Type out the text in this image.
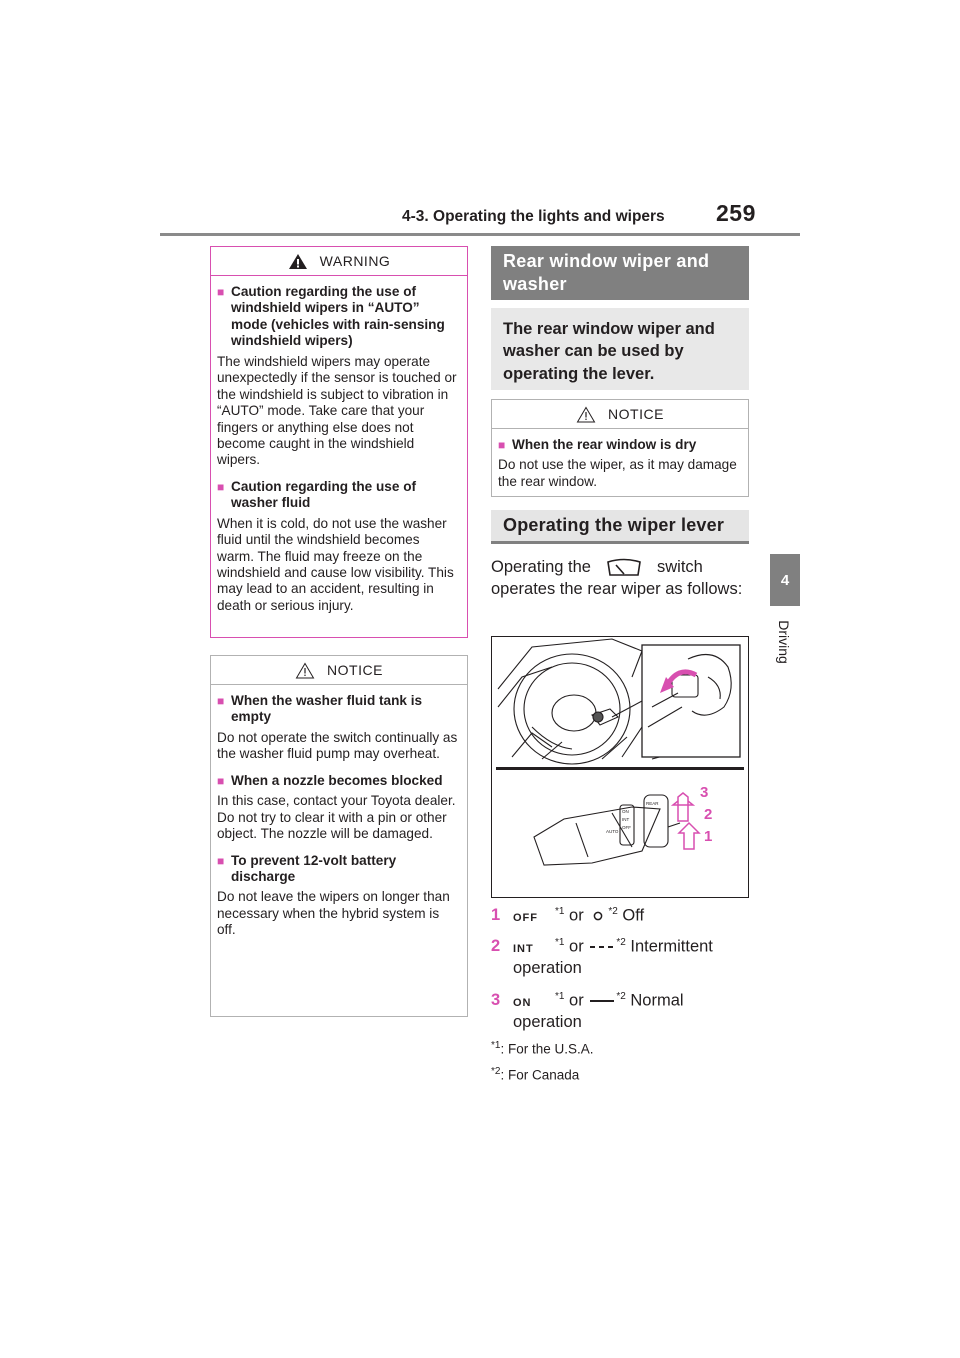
4-3. Operating the lights and wipers 259
4
Driving
WARNING
■ Caution regarding the use of windshield wipers in “AUTO” mode (vehicles with rain-sensing windshield wipers)
The windshield wipers may operate unexpectedly if the sensor is touched or the windshield is subject to vibration in “AUTO” mode. Take care that your fingers or anything else does not become caught in the windshield wipers.
■ Caution regarding the use of washer fluid
When it is cold, do not use the washer fluid until the windshield becomes warm. The fluid may freeze on the windshield and cause low visibility. This may lead to an accident, resulting in death or serious injury.
NOTICE
■ When the washer fluid tank is empty
Do not operate the switch continually as the washer fluid pump may overheat.
■ When a nozzle becomes blocked
In this case, contact your Toyota dealer.
Do not try to clear it with a pin or other object. The nozzle will be damaged.
■ To prevent 12-volt battery discharge
Do not leave the wipers on longer than necessary when the hybrid system is off.
Rear window wiper and washer
The rear window wiper and washer can be used by operating the lever.
NOTICE
■ When the rear window is dry
Do not use the wiper, as it may damage the rear window.
Operating the wiper lever
Operating the	switch operates the rear wiper as follows:
ON
INT
OFF
REAR
AUTO
3
2
1
1 OFF $^{*1}$ or $^{*2}$ Off
2 INT $^{*1}$ or	$^{*2}$ Intermittent operation
3 ON $^{*1}$ or	$^{*2}$ Normal operation
$^{*1}$: For the U.S.A.
$^{*2}$: For Canada
